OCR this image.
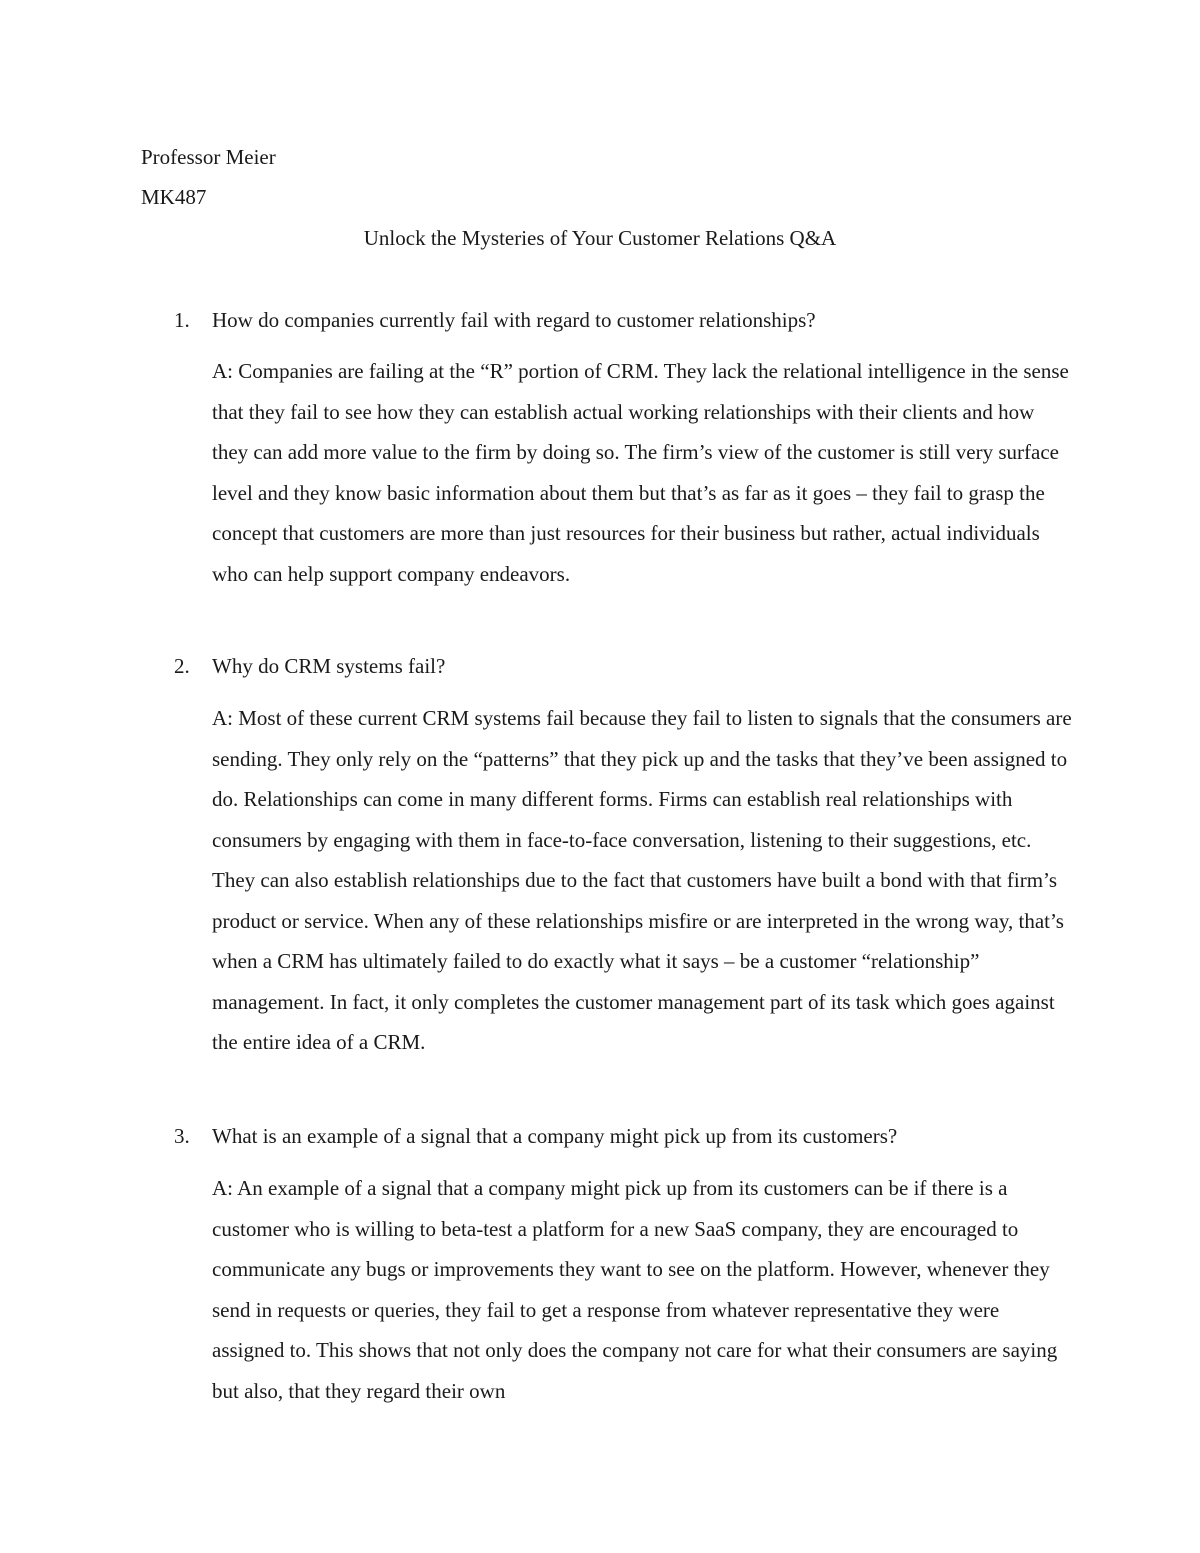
Professor Meier
MK487
Unlock the Mysteries of Your Customer Relations Q&A
1. How do companies currently fail with regard to customer relationships?
A: Companies are failing at the “R” portion of CRM. They lack the relational intelligence in the sense that they fail to see how they can establish actual working relationships with their clients and how they can add more value to the firm by doing so. The firm’s view of the customer is still very surface level and they know basic information about them but that’s as far as it goes – they fail to grasp the concept that customers are more than just resources for their business but rather, actual individuals who can help support company endeavors.
2. Why do CRM systems fail?
A: Most of these current CRM systems fail because they fail to listen to signals that the consumers are sending. They only rely on the “patterns” that they pick up and the tasks that they’ve been assigned to do. Relationships can come in many different forms. Firms can establish real relationships with consumers by engaging with them in face-to-face conversation, listening to their suggestions, etc. They can also establish relationships due to the fact that customers have built a bond with that firm’s product or service. When any of these relationships misfire or are interpreted in the wrong way, that’s when a CRM has ultimately failed to do exactly what it says – be a customer “relationship” management. In fact, it only completes the customer management part of its task which goes against the entire idea of a CRM.
3. What is an example of a signal that a company might pick up from its customers?
A: An example of a signal that a company might pick up from its customers can be if there is a customer who is willing to beta-test a platform for a new SaaS company, they are encouraged to communicate any bugs or improvements they want to see on the platform. However, whenever they send in requests or queries, they fail to get a response from whatever representative they were assigned to. This shows that not only does the company not care for what their consumers are saying but also, that they regard their own
